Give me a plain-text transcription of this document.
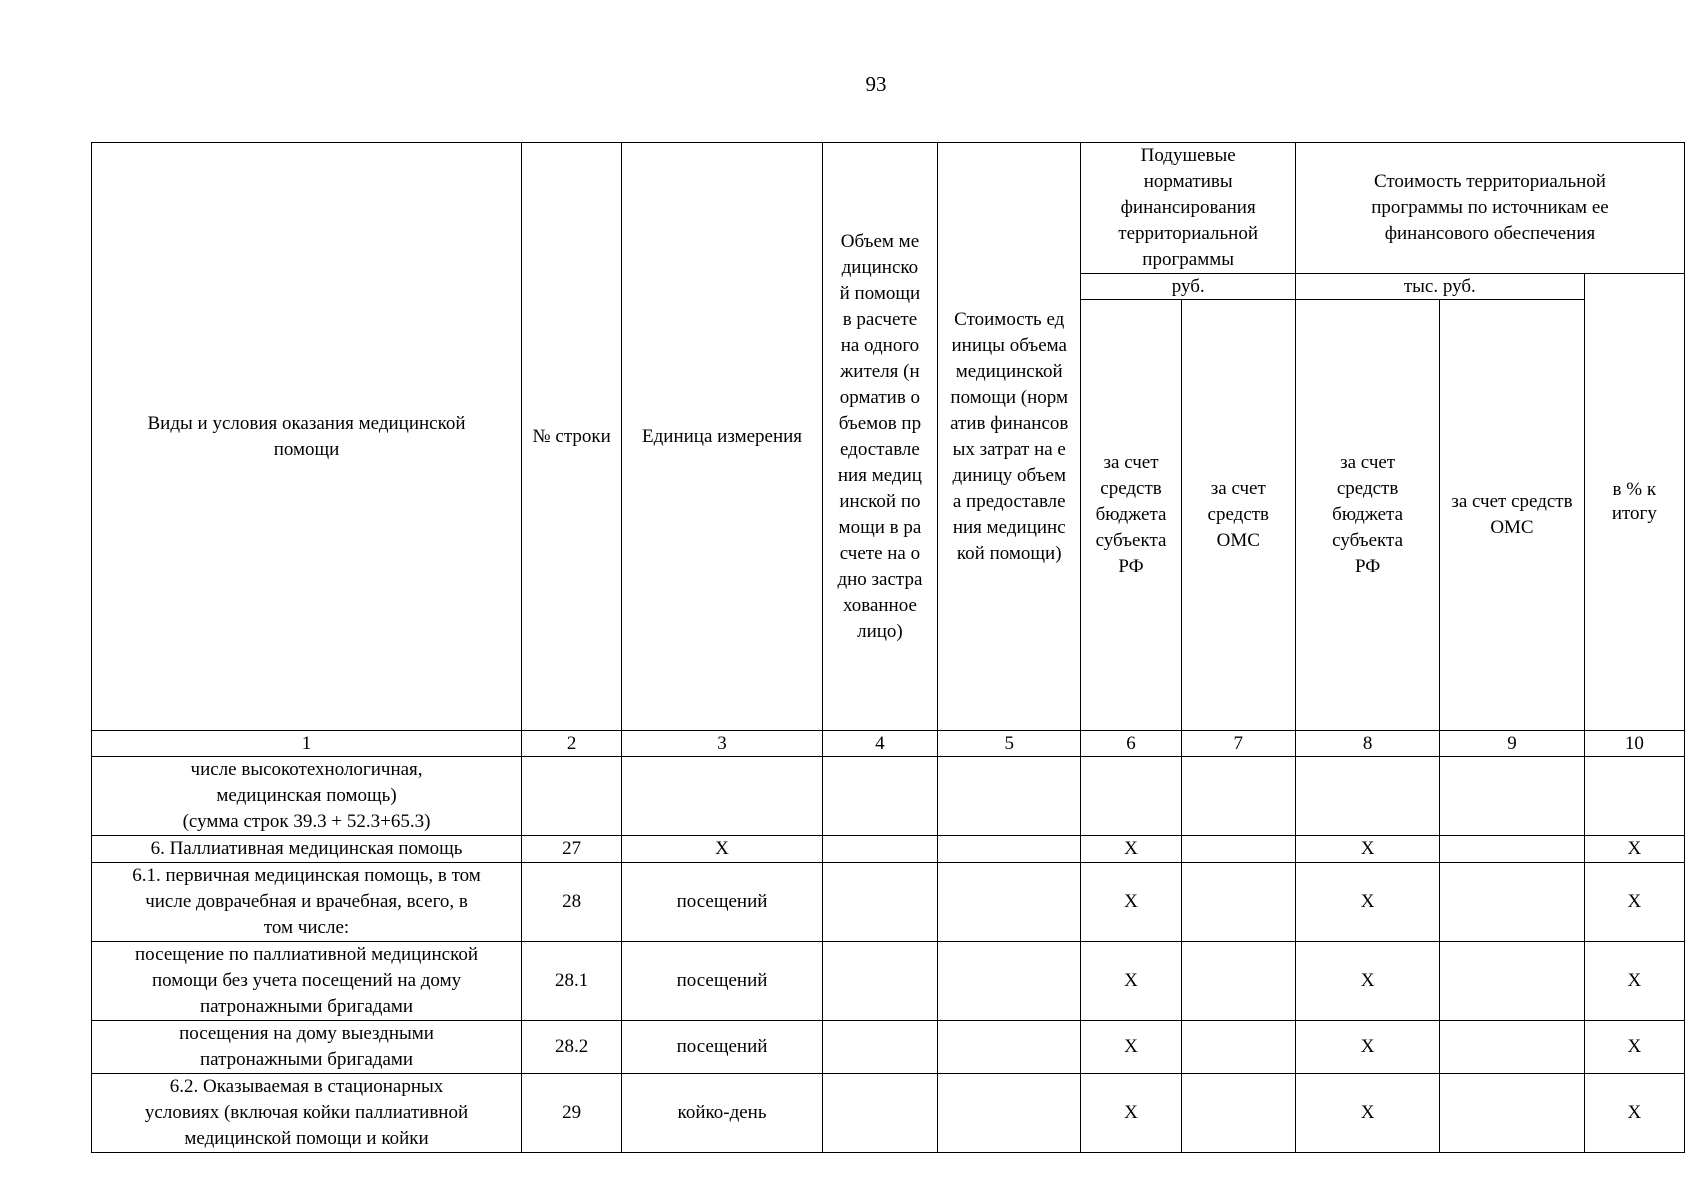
93
Виды и условия оказания медицинской помощи	№ строки	Единица измерения	Объем медицинской помощи в расчете на одного жителя (норматив объемов предоставления медицинской помощи в расчете на одно застрахованное лицо)	Стоимость единицы объема медицинской помощи (норматив финансовых затрат на единицу объема предоставления медицинской помощи)	Подушевые нормативы финансирования территориальной программы		Стоимость территориальной программы по источникам ее финансового обеспечения		
					руб.		тыс. руб.		в % к итогу
					за счет средств бюджета субъекта РФ	за счет средств ОМС	за счет средств бюджета субъекта РФ	за счет средств ОМС	
1	2	3	4	5	6	7	8	9	10
числе высокотехнологичная,
медицинская помощь)
(сумма строк 39.3 + 52.3+65.3)									
6. Паллиативная медицинская помощь	27	X			X		X		X
6.1. первичная медицинская помощь, в том
числе доврачебная и врачебная, всего, в
том числе:	28	посещений			X		X		X
посещение по паллиативной медицинской
помощи без учета посещений на дому
патронажными бригадами	28.1	посещений			X		X		X
посещения на дому выездными
патронажными бригадами	28.2	посещений			X		X		X
6.2. Оказываемая в стационарных
условиях (включая койки паллиативной
медицинской помощи и койки	29	койко-день			X		X		X
